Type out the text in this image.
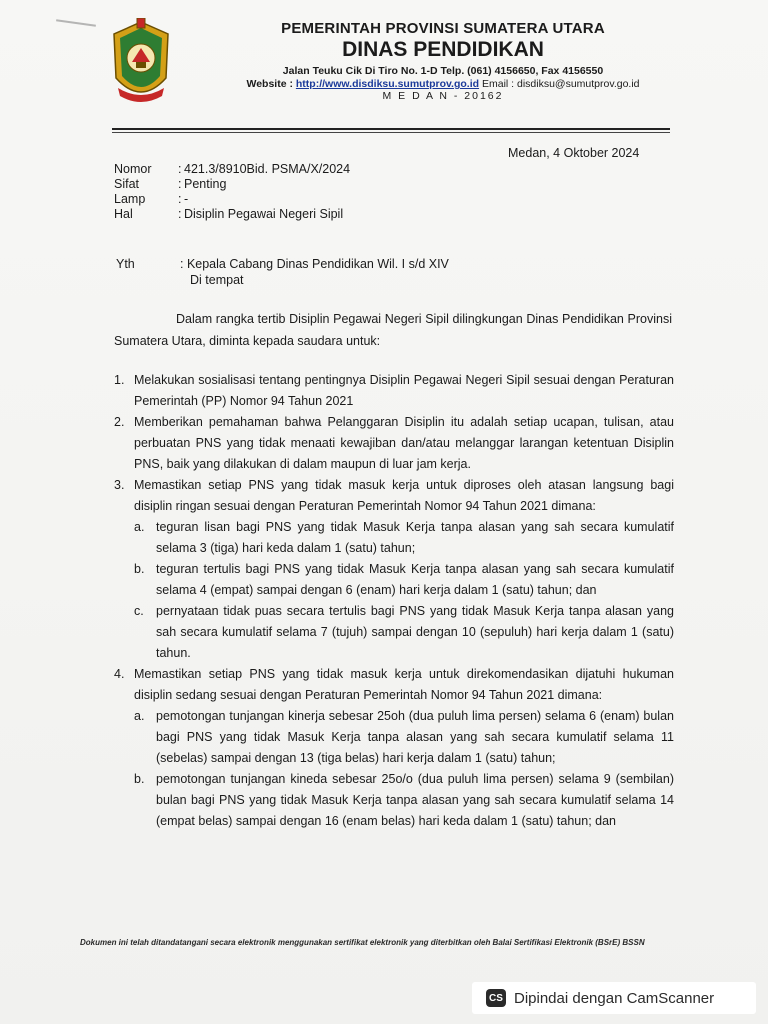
PEMERINTAH PROVINSI SUMATERA UTARA
DINAS PENDIDIKAN
Jalan Teuku Cik Di Tiro No. 1-D Telp. (061) 4156650, Fax 4156550
Website : http://www.disdiksu.sumutprov.go.id Email : disdiksu@sumutprov.go.id
M E D A N - 20162
Medan, 4 Oktober 2024
Nomor	: 421.3/8910Bid. PSMA/X/2024
Sifat	: Penting
Lamp	: -
Hal	: Disiplin Pegawai Negeri Sipil
Yth	: Kepala Cabang Dinas Pendidikan Wil. I s/d XIV
Di tempat

Dalam rangka tertib Disiplin Pegawai Negeri Sipil dilingkungan Dinas Pendidikan Provinsi Sumatera Utara, diminta kepada saudara untuk:

1. Melakukan sosialisasi tentang pentingnya Disiplin Pegawai Negeri Sipil sesuai dengan Peraturan Pemerintah (PP) Nomor 94 Tahun 2021
2. Memberikan pemahaman bahwa Pelanggaran Disiplin itu adalah setiap ucapan, tulisan, atau perbuatan PNS yang tidak menaati kewajiban dan/atau melanggar larangan ketentuan Disiplin PNS, baik yang dilakukan di dalam maupun di luar jam kerja.
3. Memastikan setiap PNS yang tidak masuk kerja untuk diproses oleh atasan langsung bagi disiplin ringan sesuai dengan Peraturan Pemerintah Nomor 94 Tahun 2021 dimana:
a. teguran lisan bagi PNS yang tidak Masuk Kerja tanpa alasan yang sah secara kumulatif selama 3 (tiga) hari keda dalam 1 (satu) tahun;
b. teguran tertulis bagi PNS yang tidak Masuk Kerja tanpa alasan yang sah secara kumulatif selama 4 (empat) sampai dengan 6 (enam) hari kerja dalam 1 (satu) tahun; dan
c. pernyataan tidak puas secara tertulis bagi PNS yang tidak Masuk Kerja tanpa alasan yang sah secara kumulatif selama 7 (tujuh) sampai dengan 10 (sepuluh) hari kerja dalam 1 (satu) tahun.
4. Memastikan setiap PNS yang tidak masuk kerja untuk direkomendasikan dijatuhi hukuman disiplin sedang sesuai dengan Peraturan Pemerintah Nomor 94 Tahun 2021 dimana:
a. pemotongan tunjangan kinerja sebesar 25oh (dua puluh lima persen) selama 6 (enam) bulan bagi PNS yang tidak Masuk Kerja tanpa alasan yang sah secara kumulatif selama 11 (sebelas) sampai dengan 13 (tiga belas) hari kerja dalam 1 (satu) tahun;
b. pemotongan tunjangan kineda sebesar 25o/o (dua puluh lima persen) selama 9 (sembilan) bulan bagi PNS yang tidak Masuk Kerja tanpa alasan yang sah secara kumulatif selama 14 (empat belas) sampai dengan 16 (enam belas) hari keda dalam 1 (satu) tahun; dan
Dokumen ini telah ditandatangani secara elektronik menggunakan sertifikat elektronik yang diterbitkan oleh Balai Sertifikasi Elektronik (BSrE) BSSN
CS Dipindai dengan CamScanner
